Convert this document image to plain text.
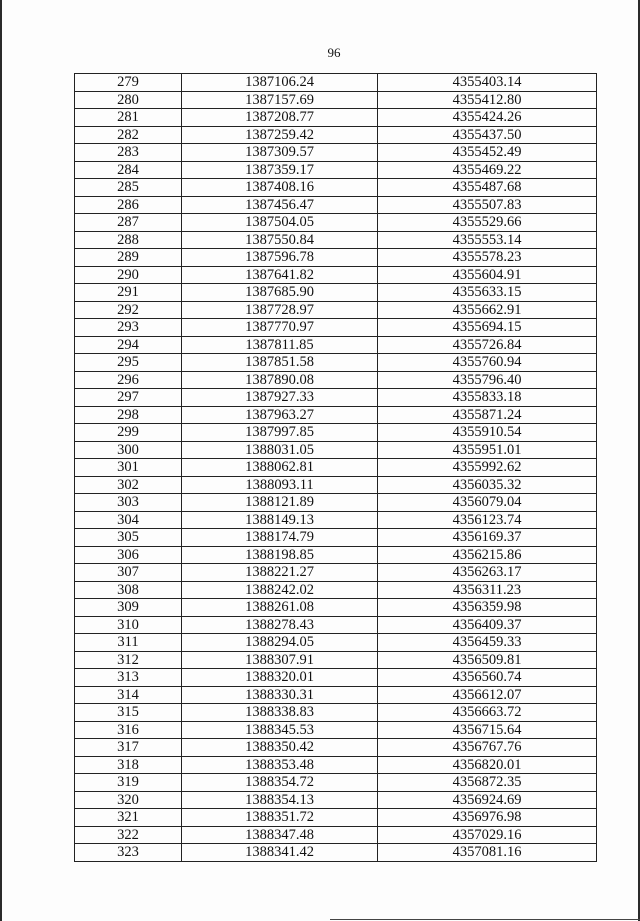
96
279	1387106.24	4355403.14
280	1387157.69	4355412.80
281	1387208.77	4355424.26
282	1387259.42	4355437.50
283	1387309.57	4355452.49
284	1387359.17	4355469.22
285	1387408.16	4355487.68
286	1387456.47	4355507.83
287	1387504.05	4355529.66
288	1387550.84	4355553.14
289	1387596.78	4355578.23
290	1387641.82	4355604.91
291	1387685.90	4355633.15
292	1387728.97	4355662.91
293	1387770.97	4355694.15
294	1387811.85	4355726.84
295	1387851.58	4355760.94
296	1387890.08	4355796.40
297	1387927.33	4355833.18
298	1387963.27	4355871.24
299	1387997.85	4355910.54
300	1388031.05	4355951.01
301	1388062.81	4355992.62
302	1388093.11	4356035.32
303	1388121.89	4356079.04
304	1388149.13	4356123.74
305	1388174.79	4356169.37
306	1388198.85	4356215.86
307	1388221.27	4356263.17
308	1388242.02	4356311.23
309	1388261.08	4356359.98
310	1388278.43	4356409.37
311	1388294.05	4356459.33
312	1388307.91	4356509.81
313	1388320.01	4356560.74
314	1388330.31	4356612.07
315	1388338.83	4356663.72
316	1388345.53	4356715.64
317	1388350.42	4356767.76
318	1388353.48	4356820.01
319	1388354.72	4356872.35
320	1388354.13	4356924.69
321	1388351.72	4356976.98
322	1388347.48	4357029.16
323	1388341.42	4357081.16
